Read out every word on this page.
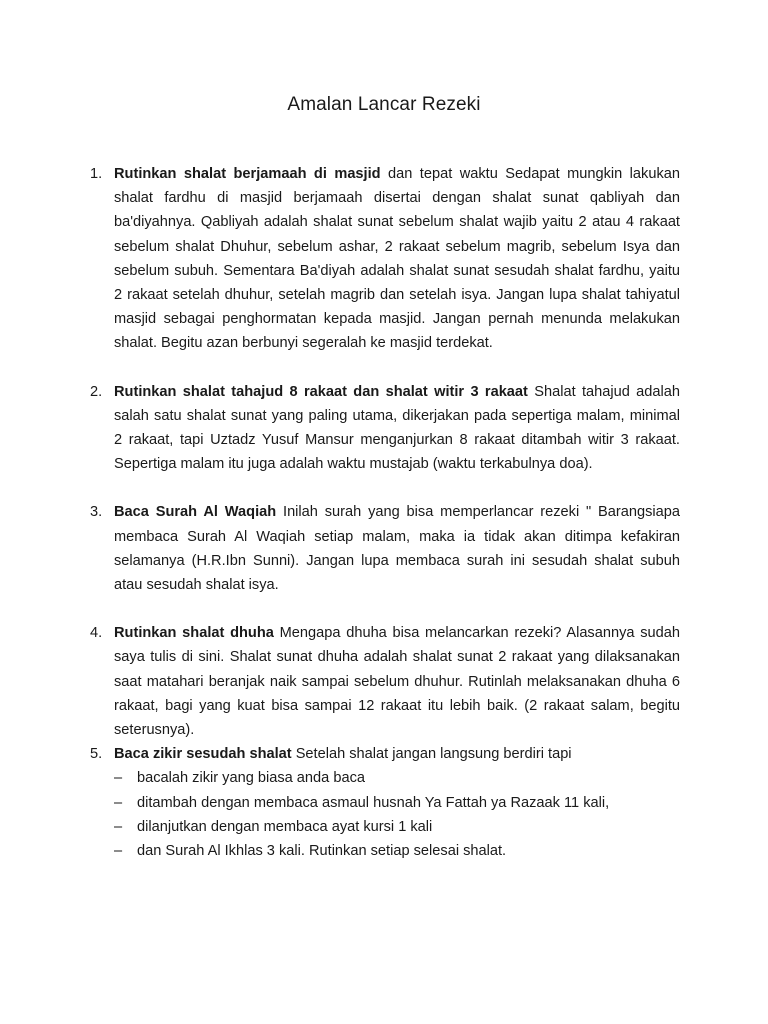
Amalan Lancar Rezeki
1. Rutinkan shalat berjamaah di masjid dan tepat waktu Sedapat mungkin lakukan shalat fardhu di masjid berjamaah disertai dengan shalat sunat qabliyah dan ba'diyahnya. Qabliyah adalah shalat sunat sebelum shalat wajib yaitu 2 atau 4 rakaat sebelum shalat Dhuhur, sebelum ashar, 2 rakaat sebelum magrib, sebelum Isya dan sebelum subuh. Sementara Ba'diyah adalah shalat sunat sesudah shalat fardhu, yaitu 2 rakaat setelah dhuhur, setelah magrib dan setelah isya. Jangan lupa shalat tahiyatul masjid sebagai penghormatan kepada masjid. Jangan pernah menunda melakukan shalat. Begitu azan berbunyi segeralah ke masjid terdekat.
2. Rutinkan shalat tahajud 8 rakaat dan shalat witir 3 rakaat Shalat tahajud adalah salah satu shalat sunat yang paling utama, dikerjakan pada sepertiga malam, minimal 2 rakaat, tapi Uztadz Yusuf Mansur menganjurkan 8 rakaat ditambah witir 3 rakaat. Sepertiga malam itu juga adalah waktu mustajab (waktu terkabulnya doa).
3. Baca Surah Al Waqiah Inilah surah yang bisa memperlancar rezeki " Barangsiapa membaca Surah Al Waqiah setiap malam, maka ia tidak akan ditimpa kefakiran selamanya (H.R.Ibn Sunni). Jangan lupa membaca surah ini sesudah shalat subuh atau sesudah shalat isya.
4. Rutinkan shalat dhuha Mengapa dhuha bisa melancarkan rezeki? Alasannya sudah saya tulis di sini. Shalat sunat dhuha adalah shalat sunat 2 rakaat yang dilaksanakan saat matahari beranjak naik sampai sebelum dhuhur. Rutinlah melaksanakan dhuha 6 rakaat, bagi yang kuat bisa sampai 12 rakaat itu lebih baik. (2 rakaat salam, begitu seterusnya).
5. Baca zikir sesudah shalat Setelah shalat jangan langsung berdiri tapi
– bacalah zikir yang biasa anda baca
– ditambah dengan membaca asmaul husnah Ya Fattah ya Razaak 11 kali,
– dilanjutkan dengan membaca ayat kursi 1 kali
– dan Surah Al Ikhlas 3 kali. Rutinkan setiap selesai shalat.
